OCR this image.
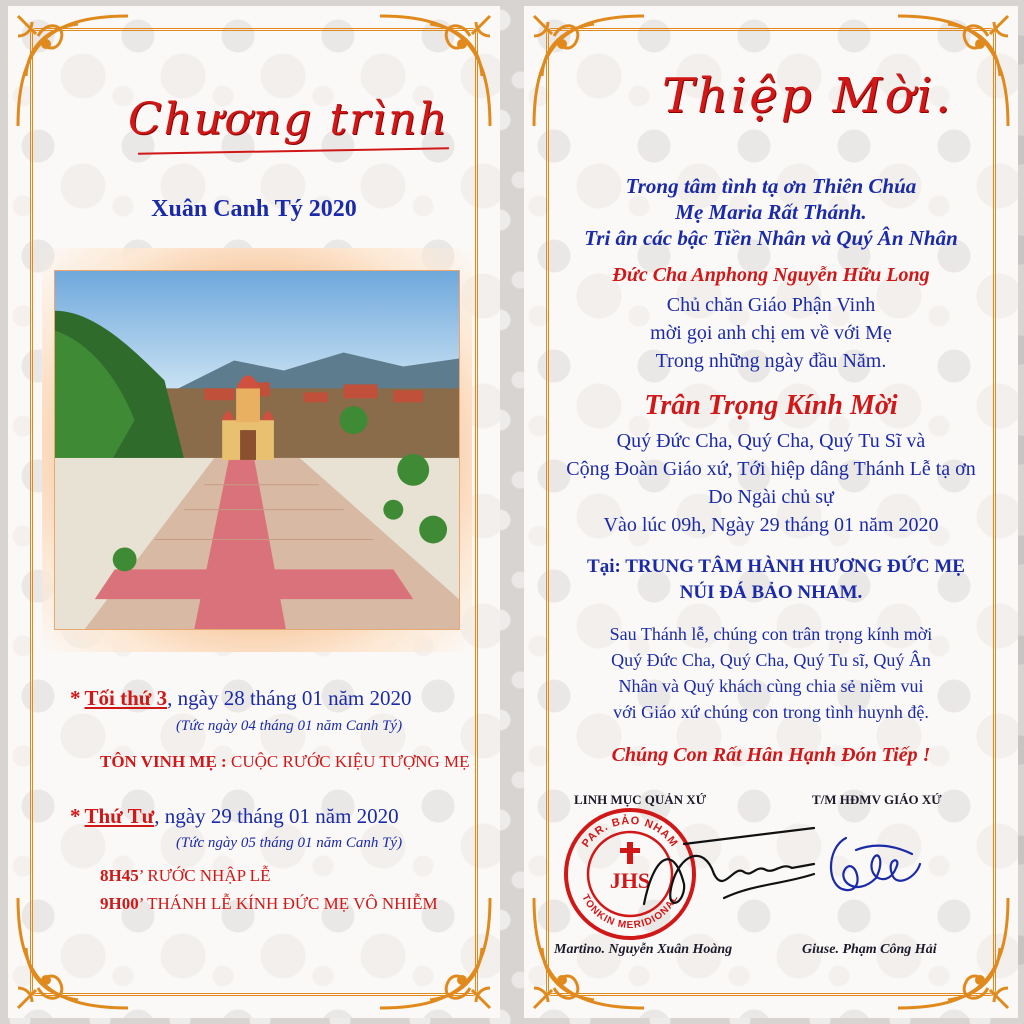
Chương trình
Xuân Canh Tý 2020
* Tối thứ 3, ngày 28 tháng 01 năm 2020
(Tức ngày 04 tháng 01 năm Canh Tý)
TÔN VINH MẸ : CUỘC RƯỚC KIỆU TƯỢNG MẸ
* Thứ Tư, ngày 29 tháng 01 năm 2020
(Tức ngày 05 tháng 01 năm Canh Tý)
8H45’ RƯỚC NHẬP LỄ
9H00’ THÁNH LỄ KÍNH ĐỨC MẸ VÔ NHIỄM
Thiệp Mời.
Trong tâm tình tạ ơn Thiên Chúa
Mẹ Maria Rất Thánh.
Tri ân các bậc Tiền Nhân và Quý Ân Nhân
Đức Cha Anphong Nguyễn Hữu Long
Chủ chăn Giáo Phận Vinh
mời gọi anh chị em về với Mẹ
Trong những ngày đầu Năm.
Trân Trọng Kính Mời
Quý Đức Cha, Quý Cha, Quý Tu Sĩ và
Cộng Đoàn Giáo xứ, Tới hiệp dâng Thánh Lễ tạ ơn
Do Ngài chủ sự
Vào lúc 09h, Ngày 29 tháng 01 năm 2020
Tại: TRUNG TÂM HÀNH HƯƠNG ĐỨC MẸ
NÚI ĐÁ BẢO NHAM.
Sau Thánh lễ, chúng con trân trọng kính mời
Quý Đức Cha, Quý Cha, Quý Tu sĩ, Quý Ân
Nhân và Quý khách cùng chia sẻ niềm vui
với Giáo xứ chúng con trong tình huynh đệ.
Chúng Con Rất Hân Hạnh Đón Tiếp !
LINH MỤC QUẢN XỨ	T/M HĐMV GIÁO XỨ
PAR. BẢO NHAM
TONKIN MERIDIONAL
JHS
Martino. Nguyễn Xuân Hoàng	Giuse. Phạm Công Hải
